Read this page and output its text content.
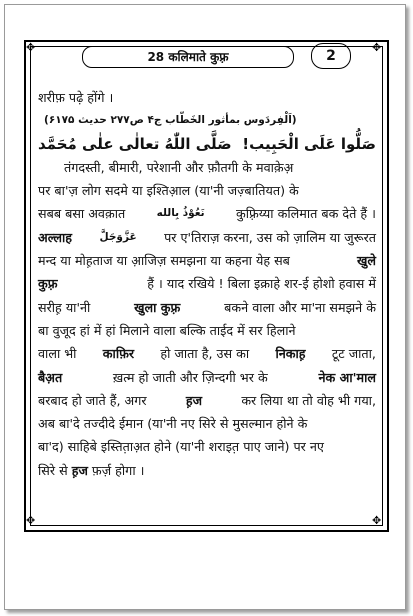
28 कलिमाते कुफ़्र	2
✥	✥
✥	✥
शरीफ़ पढ़े होंगे ।
(اَلْفِردَوس بمأثور الخَطّاب ج۴ ص۲۷۷ حديث ۶۱۷۵)
صَلَّی اللّٰهُ تعالٰی علٰی مُحَمَّد صَلُّوا عَلَی الْحَبِیب!
तंगदस्ती, बीमारी, परेशानी और फ़ौतगी के मवाक़ेअ़
पर बा'ज़ लोग सदमे या इश्तिआ़ल (या'नी जज़्बातियत) के
सबब बसा अवक़ात	نَعُوْذُ بِالله कुफ़्रिय्या कलिमात बक देते हैं ।
अल्लाह	عَزَّوَجَلَّ पर ए'तिराज़ करना, उस को ज़ालिम या जुरूरत
मन्द या मोह़ताज या आ़जिज़ समझना या कहना येह सब	खुले
कुफ़्र	हैं । याद रखिये ! बिला इक्राहे शर-ई होशो हवास में
सरीह़ या'नी	खुला कुफ़्र	बकने वाला और मा'ना समझने के
बा वुजूद हां में हां मिलाने वाला बल्कि ताईद में सर हिलाने
वाला भी काफ़िर हो जाता है, उस का निकाह़ टूट जाता,
बैअ़त	ख़त्म हो जाती और ज़िन्दगी भर के	नेक आ'माल
बरबाद हो जाते हैं, अगर	ह़ज	कर लिया था तो वोह भी गया,
अब बा'दे तज्दीदे ईमान (या'नी नए सिरे से मुसल्मान होने के
बा'द) साहिबे इस्तित़ाअ़त होने (या'नी शराइत़ पाए जाने) पर नए
सिरे से
ह़ज
फ़र्ज़ होगा ।
